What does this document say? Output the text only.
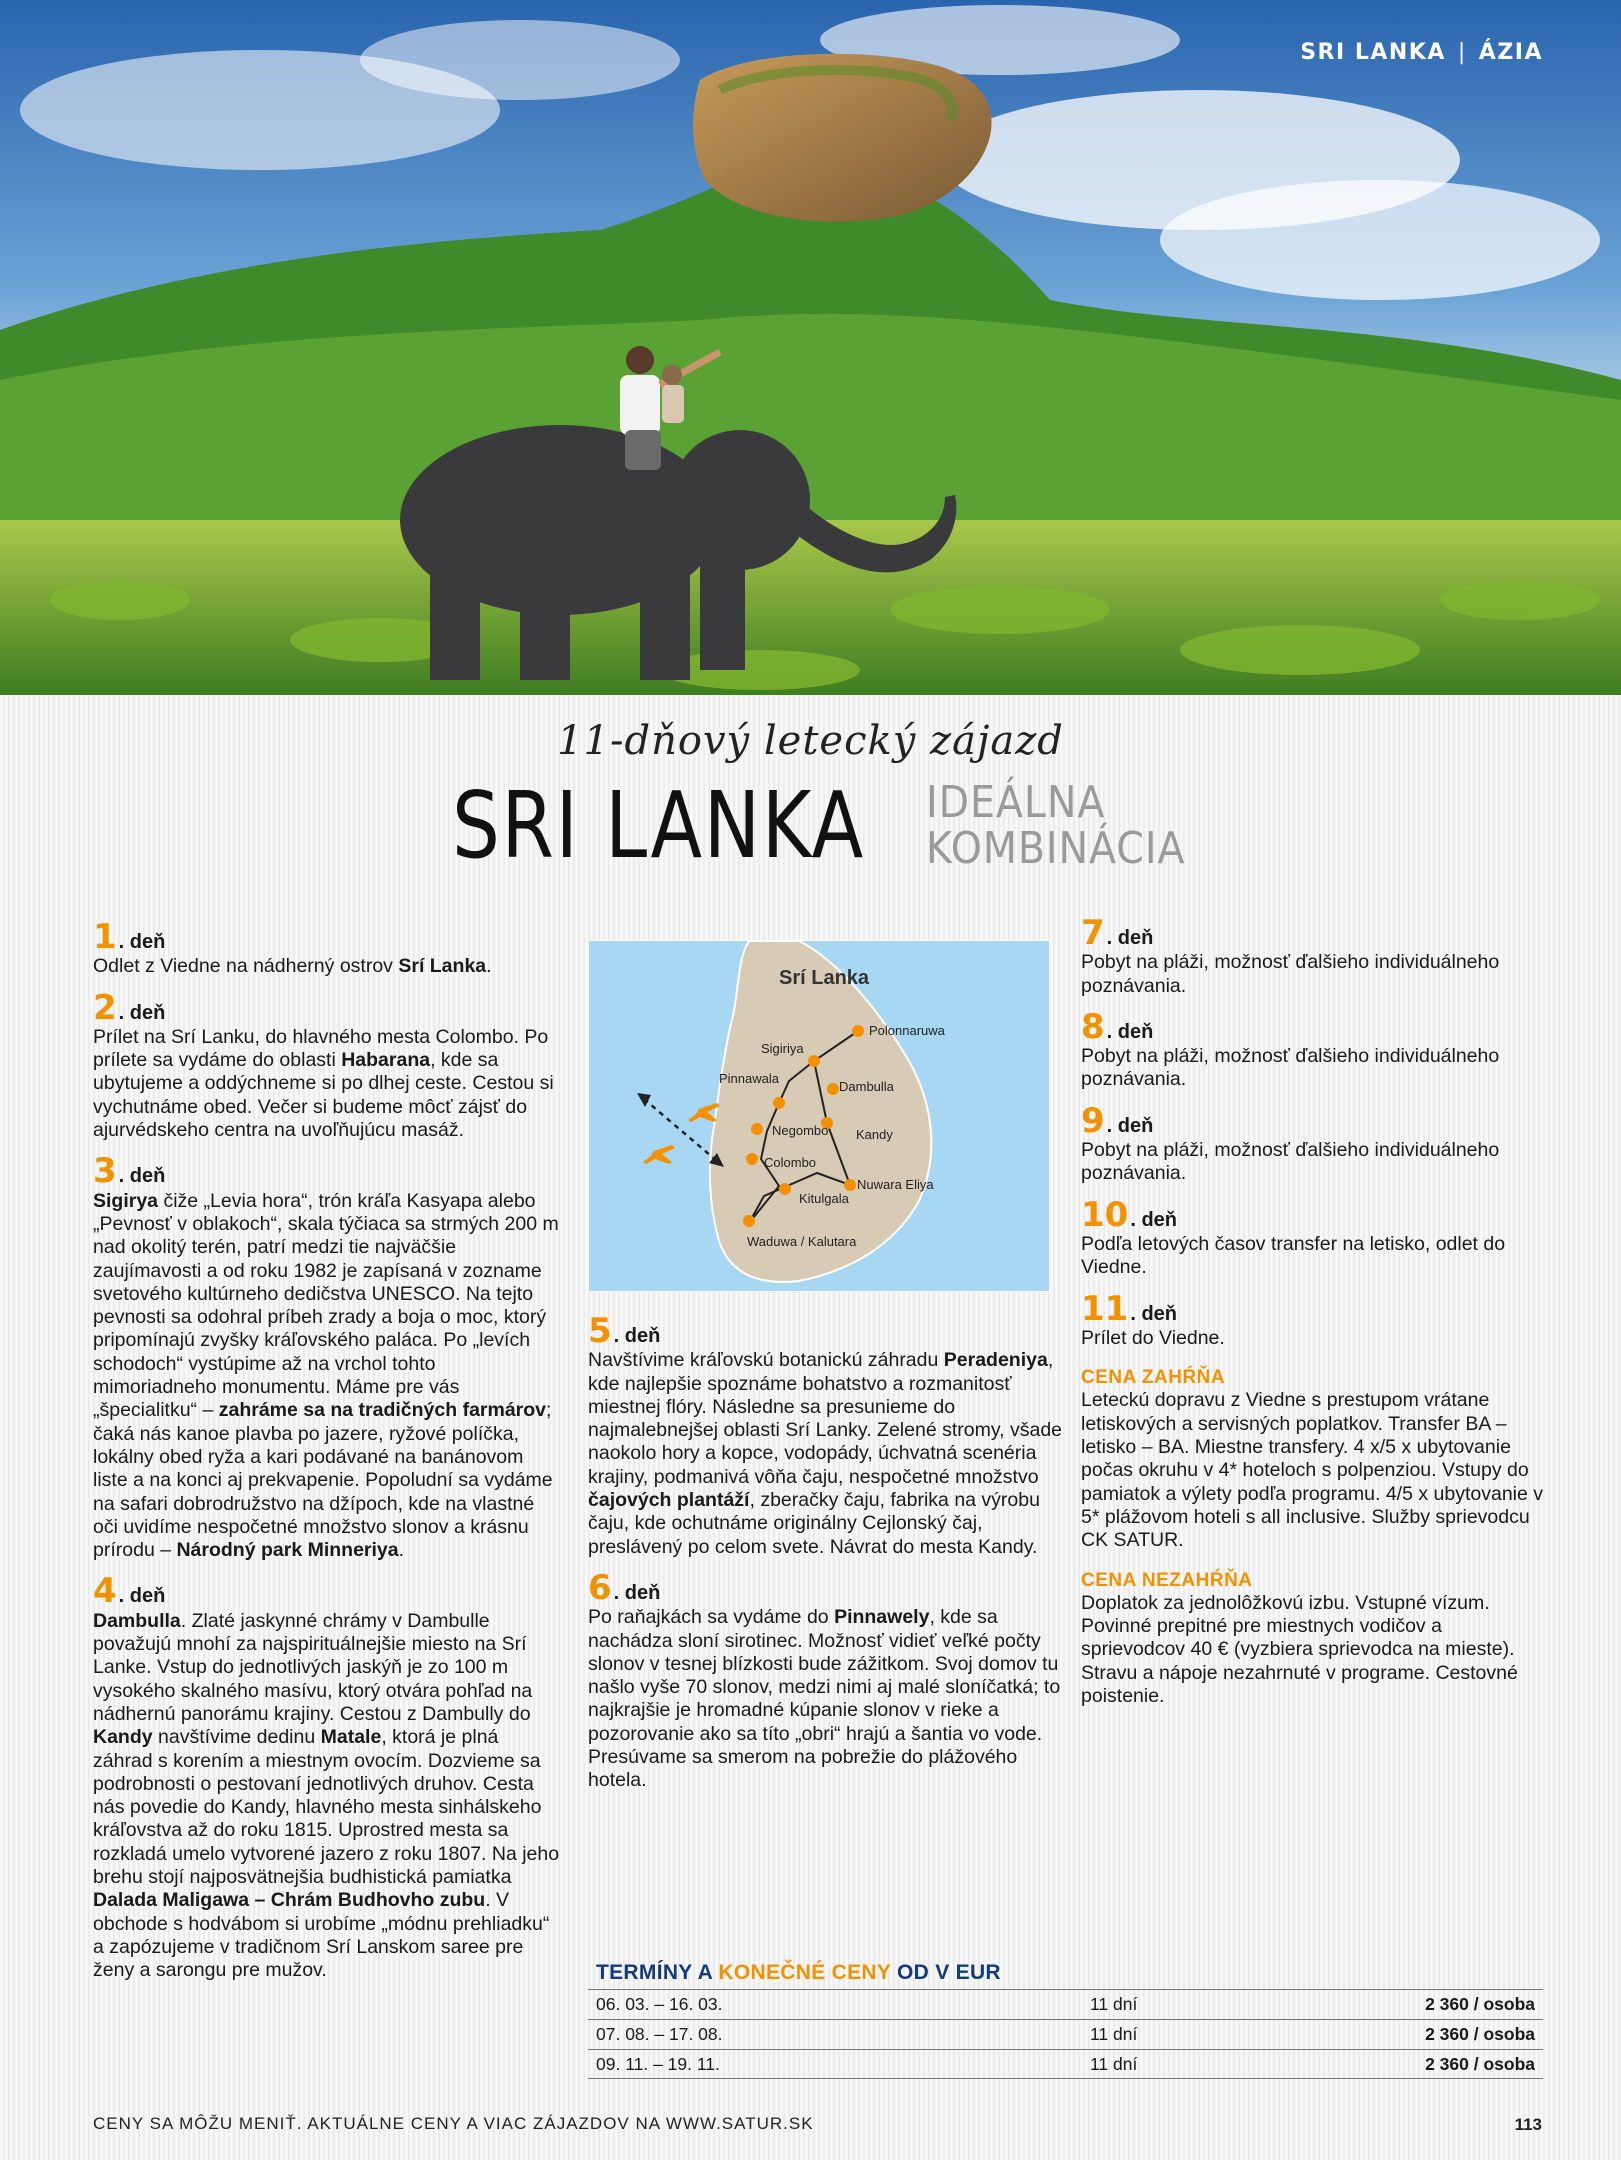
SRI LANKA | ÁZIA
11-dňový letecký zájazd
SRI LANKA IDEÁLNA
KOMBINÁCIA
1 . deň

Odlet z Viedne na nádherný ostrov Srí Lanka.

2 . deň

Prílet na Srí Lanku, do hlavného mesta Colombo. Po prílete sa vydáme do oblasti Habarana, kde sa ubytujeme a oddýchneme si po dlhej ceste. Cestou si vychutnáme obed. Večer si budeme môcť zájsť do ajurvédskeho centra na uvoľňujúcu masáž.

3 . deň

Sigirya čiže „Levia hora“, trón kráľa Kasyapa alebo „Pevnosť v oblakoch“, skala týčiaca sa strmých 200 m nad okolitý terén, patrí medzi tie najväčšie zaujímavosti a od roku 1982 je zapísaná v zozname svetového kultúrneho dedičstva UNESCO. Na tejto pevnosti sa odohral príbeh zrady a boja o moc, ktorý pripomínajú zvyšky kráľovského paláca. Po „levích schodoch“ vystúpime až na vrchol tohto mimoriadneho monumentu. Máme pre vás „špecialitku“ – zahráme sa na tradičných farmárov; čaká nás kanoe plavba po jazere, ryžové políčka, lokálny obed ryža a kari podávané na banánovom liste a na konci aj prekvapenie. Popoludní sa vydáme na safari dobrodružstvo na džípoch, kde na vlastné oči uvidíme nespočetné množstvo slonov a krásnu prírodu – Národný park Minneriya.

4 . deň

Dambulla. Zlaté jaskynné chrámy v Dambulle považujú mnohí za najspirituálnejšie miesto na Srí Lanke. Vstup do jednotlivých jaskýň je zo 100 m vysokého skalného masívu, ktorý otvára pohľad na nádhernú panorámu krajiny. Cestou z Dambully do Kandy navštívime dedinu Matale, ktorá je plná záhrad s korením a miestnym ovocím. Dozvieme sa podrobnosti o pestovaní jednotlivých druhov. Cesta nás povedie do Kandy, hlavného mesta sinhálskeho kráľovstva až do roku 1815. Uprostred mesta sa rozkladá umelo vytvorené jazero z roku 1807. Na jeho brehu stojí najposvätnejšia budhistická pamiatka Dalada Maligawa – Chrám Budhovho zubu. V obchode s hodvábom si urobíme „módnu prehliadku“ a zapózujeme v tradičnom Srí Lanskom saree pre ženy a sarongu pre mužov.

Srí Lanka
Polonnaruwa
Sigiriya
Pinnawala
Dambulla
Negombo Kandy
Colombo
Nuwara Eliya
Kitulgala
Waduwa / Kalutara
5 . deň

Navštívime kráľovskú botanickú záhradu Peradeniya, kde najlepšie spoznáme bohatstvo a rozmanitosť miestnej flóry. Následne sa presunieme do najmalebnejšej oblasti Srí Lanky. Zelené stromy, všade naokolo hory a kopce, vodopády, úchvatná scenéria krajiny, podmanivá vôňa čaju, nespočetné množstvo čajových plantáží, zberačky čaju, fabrika na výrobu čaju, kde ochutnáme originálny Cejlonský čaj, preslávený po celom svete. Návrat do mesta Kandy.

6 . deň

Po raňajkách sa vydáme do Pinnawely, kde sa nachádza sloní sirotinec. Možnosť vidieť veľké počty slonov v tesnej blízkosti bude zážitkom. Svoj domov tu našlo vyše 70 slonov, medzi nimi aj malé sloníčatká; to najkrajšie je hromadné kúpanie slonov v rieke a pozorovanie ako sa títo „obri“ hrajú a šantia vo vode. Presúvame sa smerom na pobrežie do plážového hotela.

7 . deň

Pobyt na pláži, možnosť ďalšieho individuálneho poznávania.

8 . deň

Pobyt na pláži, možnosť ďalšieho individuálneho poznávania.

9 . deň

Pobyt na pláži, možnosť ďalšieho individuálneho poznávania.

10 . deň

Podľa letových časov transfer na letisko, odlet do Viedne.

11 . deň

Prílet do Viedne.

CENA ZAHŔŇA

Leteckú dopravu z Viedne s prestupom vrátane letiskových a servisných poplatkov. Transfer BA – letisko – BA. Miestne transfery. 4 x/5 x ubytovanie počas okruhu v 4* hoteloch s polpenziou. Vstupy do pamiatok a výlety podľa programu. 4/5 x ubytovanie v 5* plážovom hoteli s all inclusive. Služby sprievodcu CK SATUR.

CENA NEZAHŔŇA

Doplatok za jednolôžkovú izbu. Vstupné vízum. Povinné prepitné pre miestnych vodičov a sprievodcov 40 € (vyzbiera sprievodca na mieste). Stravu a nápoje nezahrnuté v programe. Cestovné poistenie.

TERMÍNY A KONEČNÉ CENY OD V EUR
06. 03. – 16. 03.	11 dní	2 360 / osoba
07. 08. – 17. 08.	11 dní	2 360 / osoba
09. 11. – 19. 11.	11 dní	2 360 / osoba
CENY SA MÔŽU MENIŤ. AKTUÁLNE CENY A VIAC ZÁJAZDOV NA WWW.SATUR.SK	113
